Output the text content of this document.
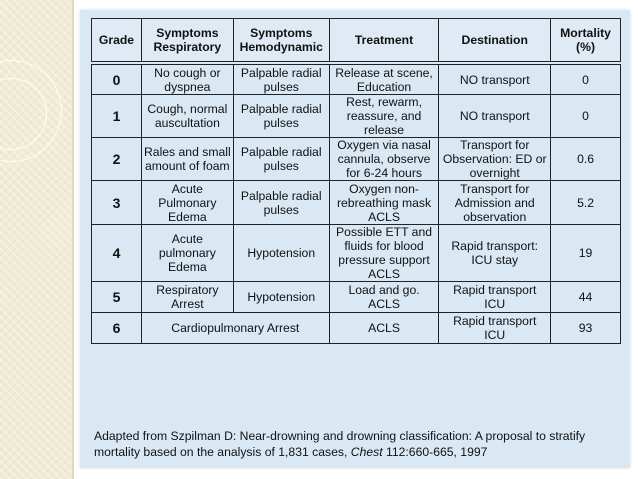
Grade	Symptoms Respiratory	Symptoms Hemodynamic	Treatment	Destination	Mortality (%)
0	No cough or dyspnea	Palpable radial pulses	Release at scene, Education	NO transport	0
1	Cough, normal auscultation	Palpable radial pulses	Rest, rewarm, reassure, and release	NO transport	0
2	Rales and small amount of foam	Palpable radial pulses	Oxygen via nasal cannula, observe for 6-24 hours	Transport for Observation: ED or overnight	0.6
3	Acute Pulmonary Edema	Palpable radial pulses	Oxygen non-rebreathing mask ACLS	Transport for Admission and observation	5.2
4	Acute pulmonary Edema	Hypotension	Possible ETT and fluids for blood pressure support ACLS	Rapid transport: ICU stay	19
5	Respiratory Arrest	Hypotension	Load and go. ACLS	Rapid transport ICU	44
6	Cardiopulmonary Arrest		ACLS	Rapid transport ICU	93
Adapted from Szpilman D: Near-drowning and drowning classification: A proposal to stratify mortality based on the analysis of 1,831 cases, Chest 112:660-665, 1997
